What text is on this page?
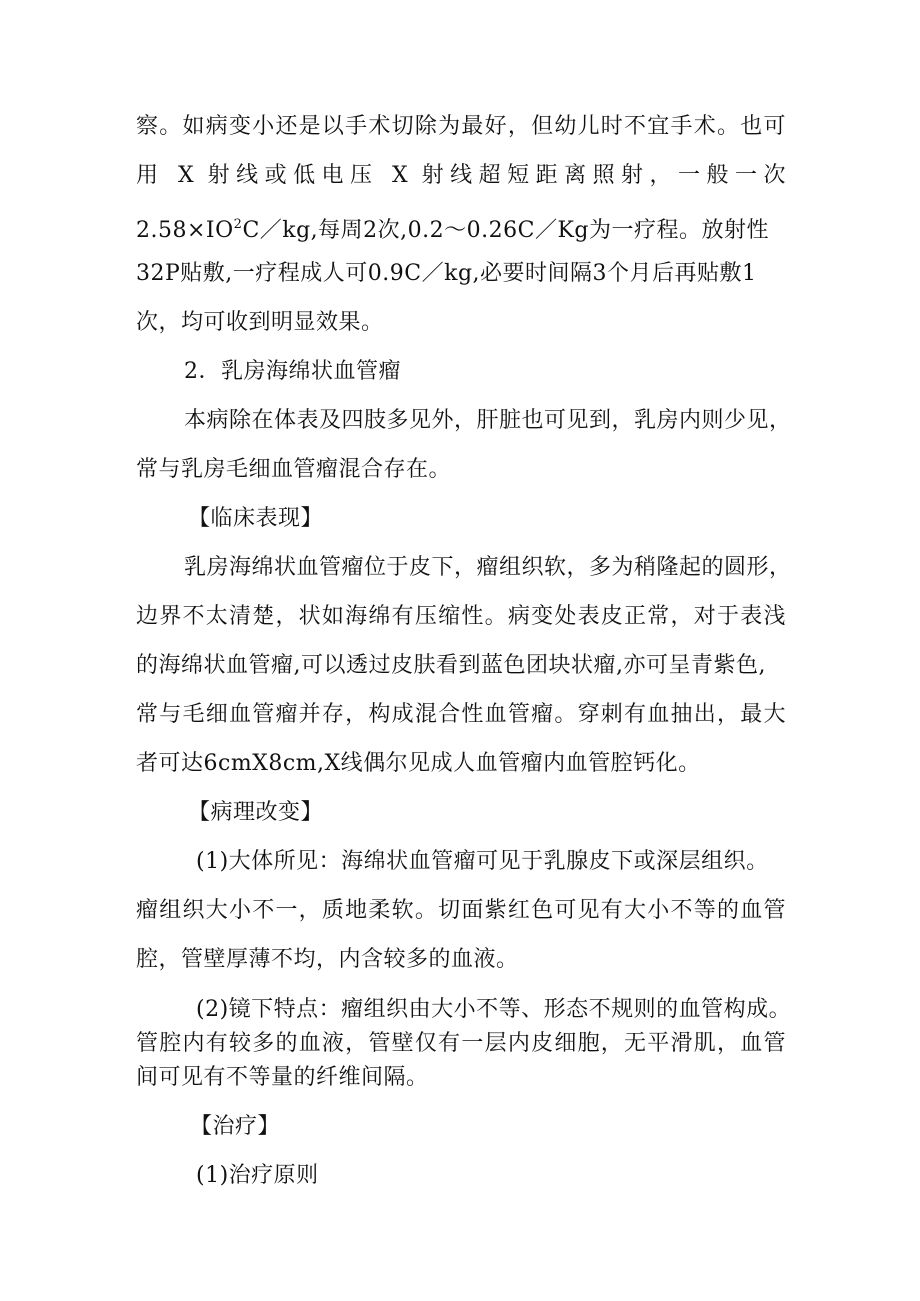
察。如病变小还是以手术切除为最好，但幼儿时不宜手术。也可
用 X 射线或低电压 X 射线超短距离照射，一般一次
$2.58\times IO^2C/kg$,每周2次,0.2～0.26C／Kg为一疗程。放射性
32P贴敷,一疗程成人可0.9C／kg,必要时间隔3个月后再贴敷1
次，均可收到明显效果。
2．乳房海绵状血管瘤
本病除在体表及四肢多见外，肝脏也可见到，乳房内则少见，
常与乳房毛细血管瘤混合存在。
【临床表现】
乳房海绵状血管瘤位于皮下，瘤组织软，多为稍隆起的圆形，
边界不太清楚，状如海绵有压缩性。病变处表皮正常，对于表浅
的海绵状血管瘤,可以透过皮肤看到蓝色团块状瘤,亦可呈青紫色,
常与毛细血管瘤并存，构成混合性血管瘤。穿刺有血抽出，最大
者可达6cmX8cm,X线偶尔见成人血管瘤内血管腔钙化。
【病理改变】
(1)大体所见：海绵状血管瘤可见于乳腺皮下或深层组织。
瘤组织大小不一，质地柔软。切面紫红色可见有大小不等的血管
腔，管壁厚薄不均，内含较多的血液。
(2)镜下特点：瘤组织由大小不等、形态不规则的血管构成。
管腔内有较多的血液，管壁仅有一层内皮细胞，无平滑肌，血管
间可见有不等量的纤维间隔。
【治疗】
(1)治疗原则
